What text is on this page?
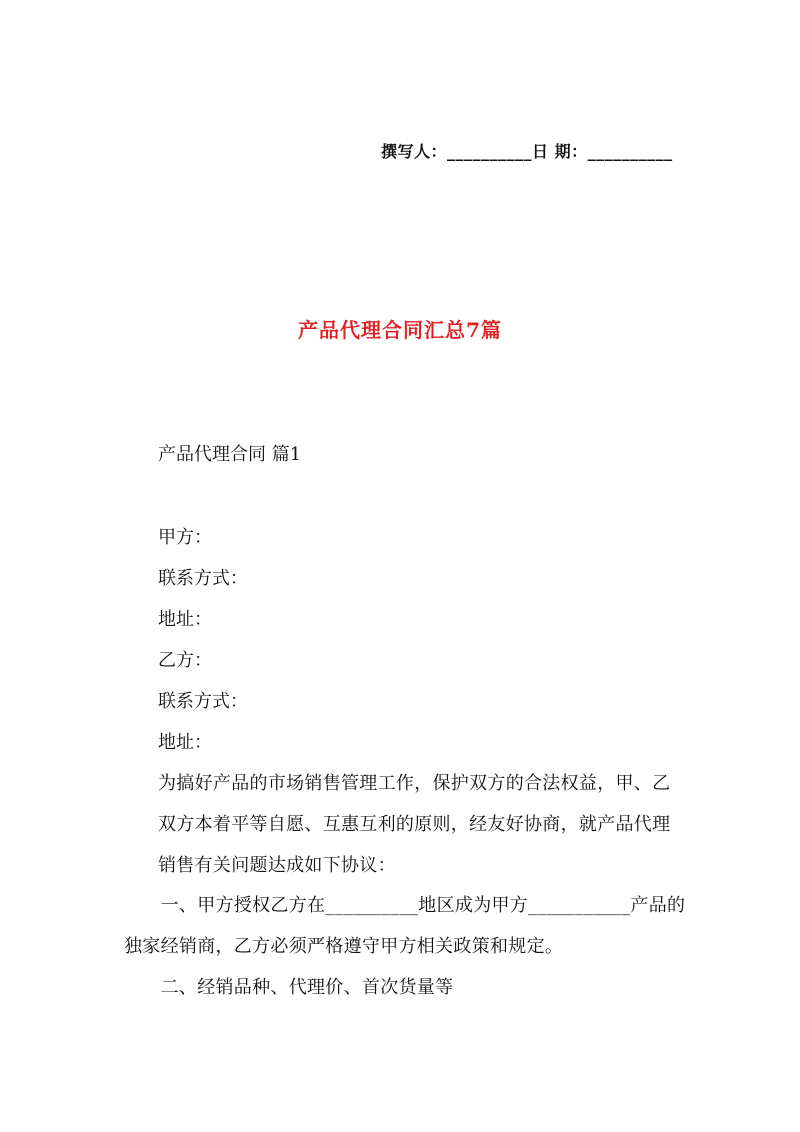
撰写人：__________日 期：__________
产品代理合同汇总7篇
产品代理合同 篇1
甲方：
联系方式：
地址：
乙方：
联系方式：
地址：

为搞好产品的市场销售管理工作，保护双方的合法权益，甲、乙双方本着平等自愿、互惠互利的原则，经友好协商，就产品代理销售有关问题达成如下协议：

　　一、甲方授权乙方在__________地区成为甲方___________产品的独家经销商，乙方必须严格遵守甲方相关政策和规定。

　　二、经销品种、代理价、首次货量等
